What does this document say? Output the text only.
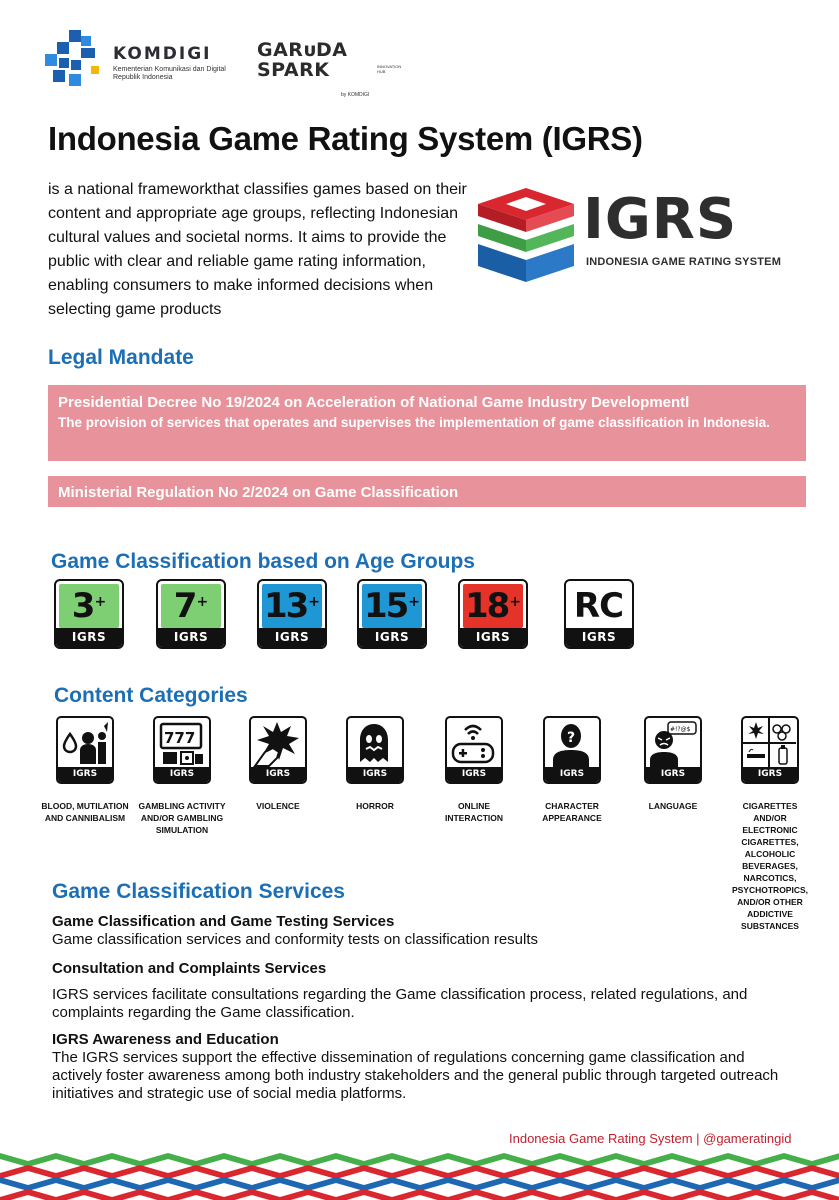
KOMDIGI
Kementerian Komunikasi dan Digital Republik Indonesia
GARᴜDA
SPARK	INNOVATION HUB
by KOMDIGI
Indonesia Game Rating System (IGRS)
is a national frameworkthat classifies games based on their content and appropriate age groups, reflecting Indonesian cultural values and societal norms. It aims to provide the public with clear and reliable game rating information, enabling consumers to make informed decisions when selecting game products
IGRS
INDONESIA GAME RATING SYSTEM
Legal Mandate
Presidential Decree No 19/2024 on Acceleration of National Game Industry Developmentl
The provision of services that operates and supervises the implementation of game classification in Indonesia.
Ministerial Regulation No 2/2024 on Game Classification
Game Classification based on Age Groups
3 +
IGRS
7 +
IGRS
13 +
IGRS
15 +
IGRS
18 +
IGRS
RC
IGRS
Content Categories
IGRS
BLOOD, MUTILATION AND CANNIBALISM
777
IGRS
GAMBLING ACTIVITY AND/OR GAMBLING SIMULATION
IGRS
VIOLENCE
IGRS
HORROR
IGRS
ONLINE INTERACTION
?
IGRS
CHARACTER APPEARANCE
#!?@$
IGRS
LANGUAGE
IGRS
CIGARETTES AND/OR ELECTRONIC CIGARETTES, ALCOHOLIC BEVERAGES, NARCOTICS, PSYCHOTROPICS, AND/OR OTHER ADDICTIVE SUBSTANCES
Game Classification Services
Game Classification and Game Testing Services
Game classification services and conformity tests on classification results
Consultation and Complaints Services
IGRS services facilitate consultations regarding the Game classification process, related regulations, and complaints regarding the Game classification.
IGRS Awareness and Education
The IGRS services support the effective dissemination of regulations concerning game classification and actively foster awareness among both industry stakeholders and the general public through targeted outreach initiatives and strategic use of social media platforms.
Indonesia Game Rating System | @gameratingid
